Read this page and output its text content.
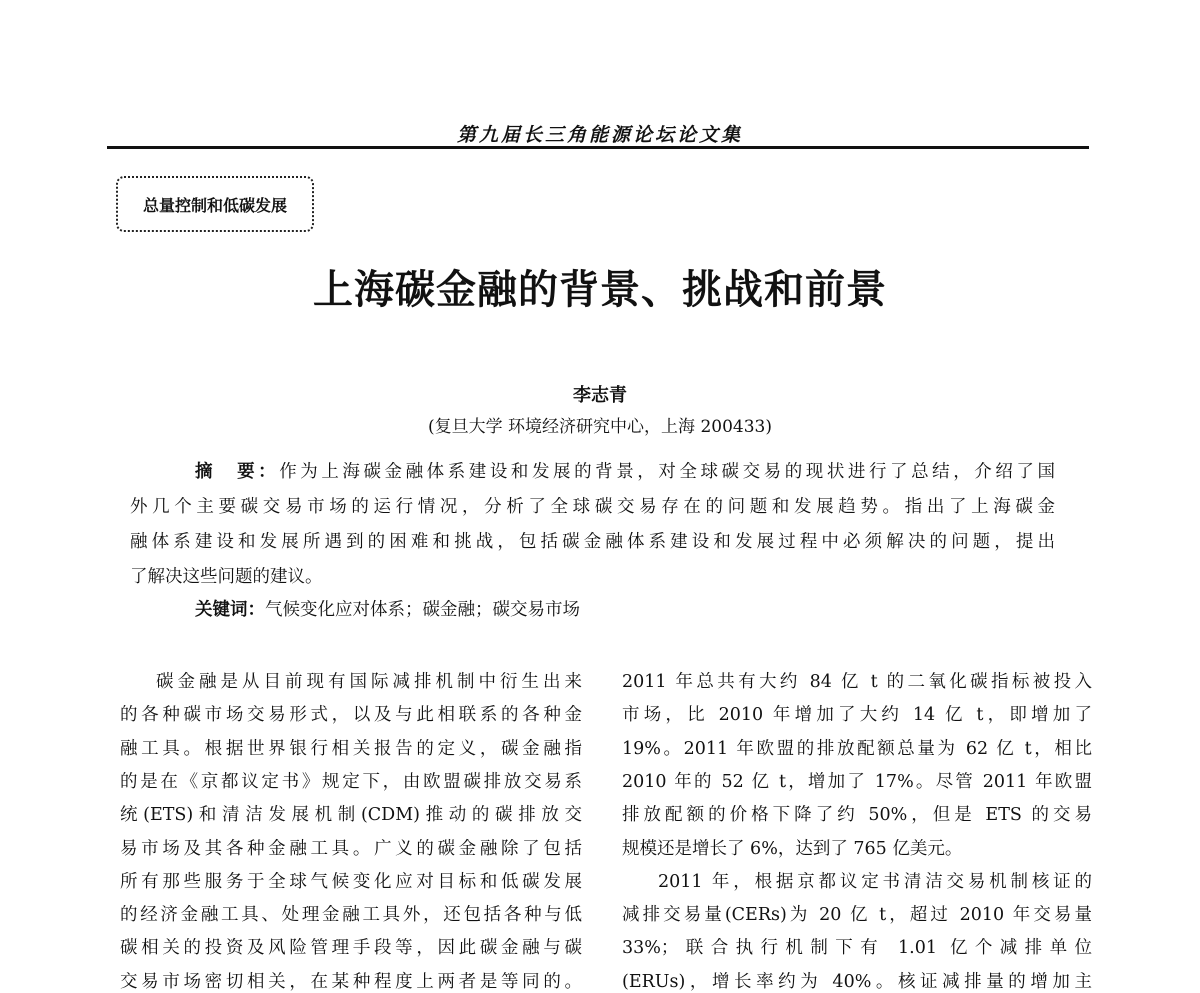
第九届长三角能源论坛论文集
总量控制和低碳发展
上海碳金融的背景、挑战和前景
李志青
(复旦大学 环境经济研究中心，上海 200433)
摘　要：作为上海碳金融体系建设和发展的背景，对全球碳交易的现状进行了总结，介绍了国
外几个主要碳交易市场的运行情况，分析了全球碳交易存在的问题和发展趋势。指出了上海碳金
融体系建设和发展所遇到的困难和挑战，包括碳金融体系建设和发展过程中必须解决的问题，提出
了解决这些问题的建议。
关键词：气候变化应对体系；碳金融；碳交易市场
碳金融是从目前现有国际减排机制中衍生出来
的各种碳市场交易形式，以及与此相联系的各种金
融工具。根据世界银行相关报告的定义，碳金融指
的是在《京都议定书》规定下，由欧盟碳排放交易系
统(ETS)和清洁发展机制(CDM)推动的碳排放交
易市场及其各种金融工具。广义的碳金融除了包括
所有那些服务于全球气候变化应对目标和低碳发展
的经济金融工具、处理金融工具外，还包括各种与低
碳相关的投资及风险管理手段等，因此碳金融与碳
交易市场密切相关，在某种程度上两者是等同的。
2011 年总共有大约 84 亿 t 的二氧化碳指标被投入
市场，比 2010 年增加了大约 14 亿 t，即增加了
19%。2011 年欧盟的排放配额总量为 62 亿 t，相比
2010 年的 52 亿 t，增加了 17%。尽管 2011 年欧盟
排放配额的价格下降了约 50%，但是 ETS 的交易
规模还是增长了 6%，达到了 765 亿美元。
2011 年，根据京都议定书清洁交易机制核证的
减排交易量(CERs)为 20 亿 t，超过 2010 年交易量
33%；联合执行机制下有 1.01 亿个减排单位
(ERUs)，增长率约为 40%。核证减排量的增加主
